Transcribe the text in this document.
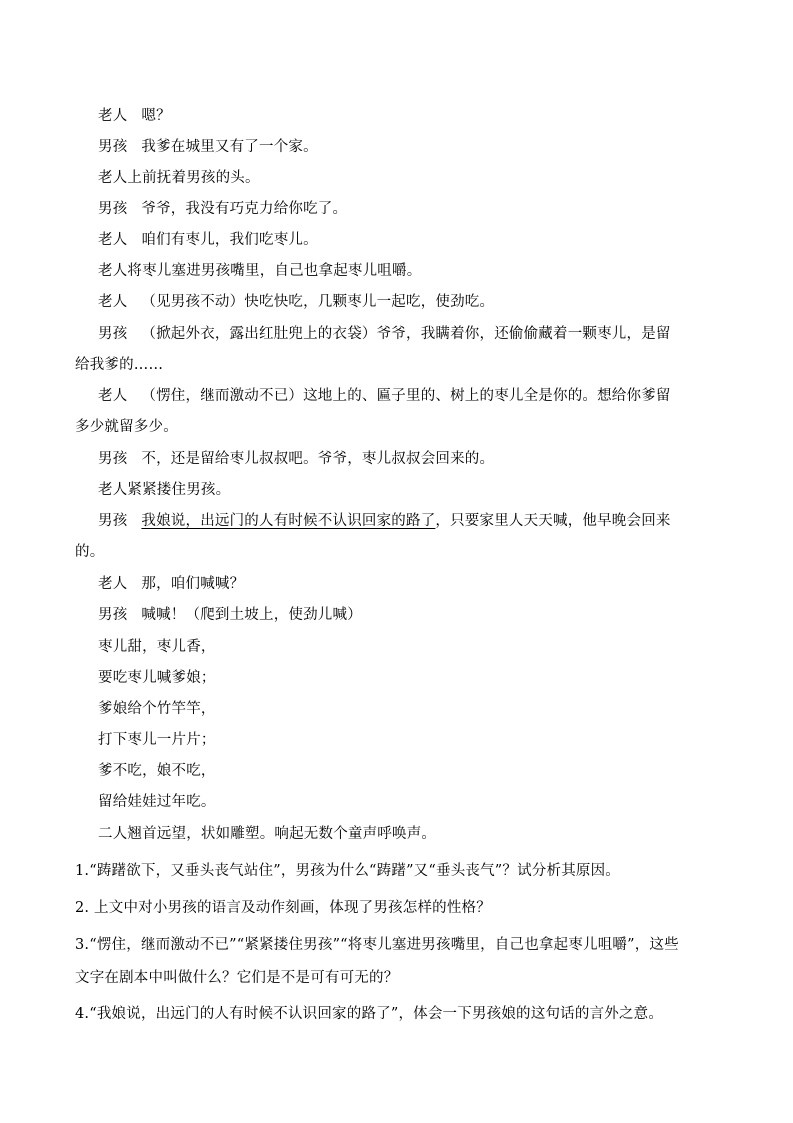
老人 嗯？
男孩 我爹在城里又有了一个家。
老人上前抚着男孩的头。
男孩 爷爷，我没有巧克力给你吃了。
老人 咱们有枣儿，我们吃枣儿。
老人将枣儿塞进男孩嘴里，自己也拿起枣儿咀嚼。
老人 （见男孩不动）快吃快吃，几颗枣儿一起吃，使劲吃。
男孩 （掀起外衣，露出红肚兜上的衣袋）爷爷，我瞒着你，还偷偷藏着一颗枣儿，是留
给我爹的……
老人 （愣住，继而激动不已）这地上的、匾子里的、树上的枣儿全是你的。想给你爹留
多少就留多少。
男孩 不，还是留给枣儿叔叔吧。爷爷，枣儿叔叔会回来的。
老人紧紧搂住男孩。
男孩 我娘说，出远门的人有时候不认识回家的路了，只要家里人天天喊，他早晚会回来
的。
老人 那，咱们喊喊？
男孩 喊喊！（爬到土坡上，使劲儿喊）
枣儿甜，枣儿香，
要吃枣儿喊爹娘；
爹娘给个竹竿竿，
打下枣儿一片片；
爹不吃，娘不吃，
留给娃娃过年吃。
二人翘首远望，状如雕塑。响起无数个童声呼唤声。
1.“踌躇欲下，又垂头丧气站住”，男孩为什么“踌躇”又“垂头丧气”？试分析其原因。
2. 上文中对小男孩的语言及动作刻画，体现了男孩怎样的性格？
3.“愣住，继而激动不已”“紧紧搂住男孩”“将枣儿塞进男孩嘴里，自己也拿起枣儿咀嚼”，这些
文字在剧本中叫做什么？它们是不是可有可无的？
4.“我娘说，出远门的人有时候不认识回家的路了”，体会一下男孩娘的这句话的言外之意。
